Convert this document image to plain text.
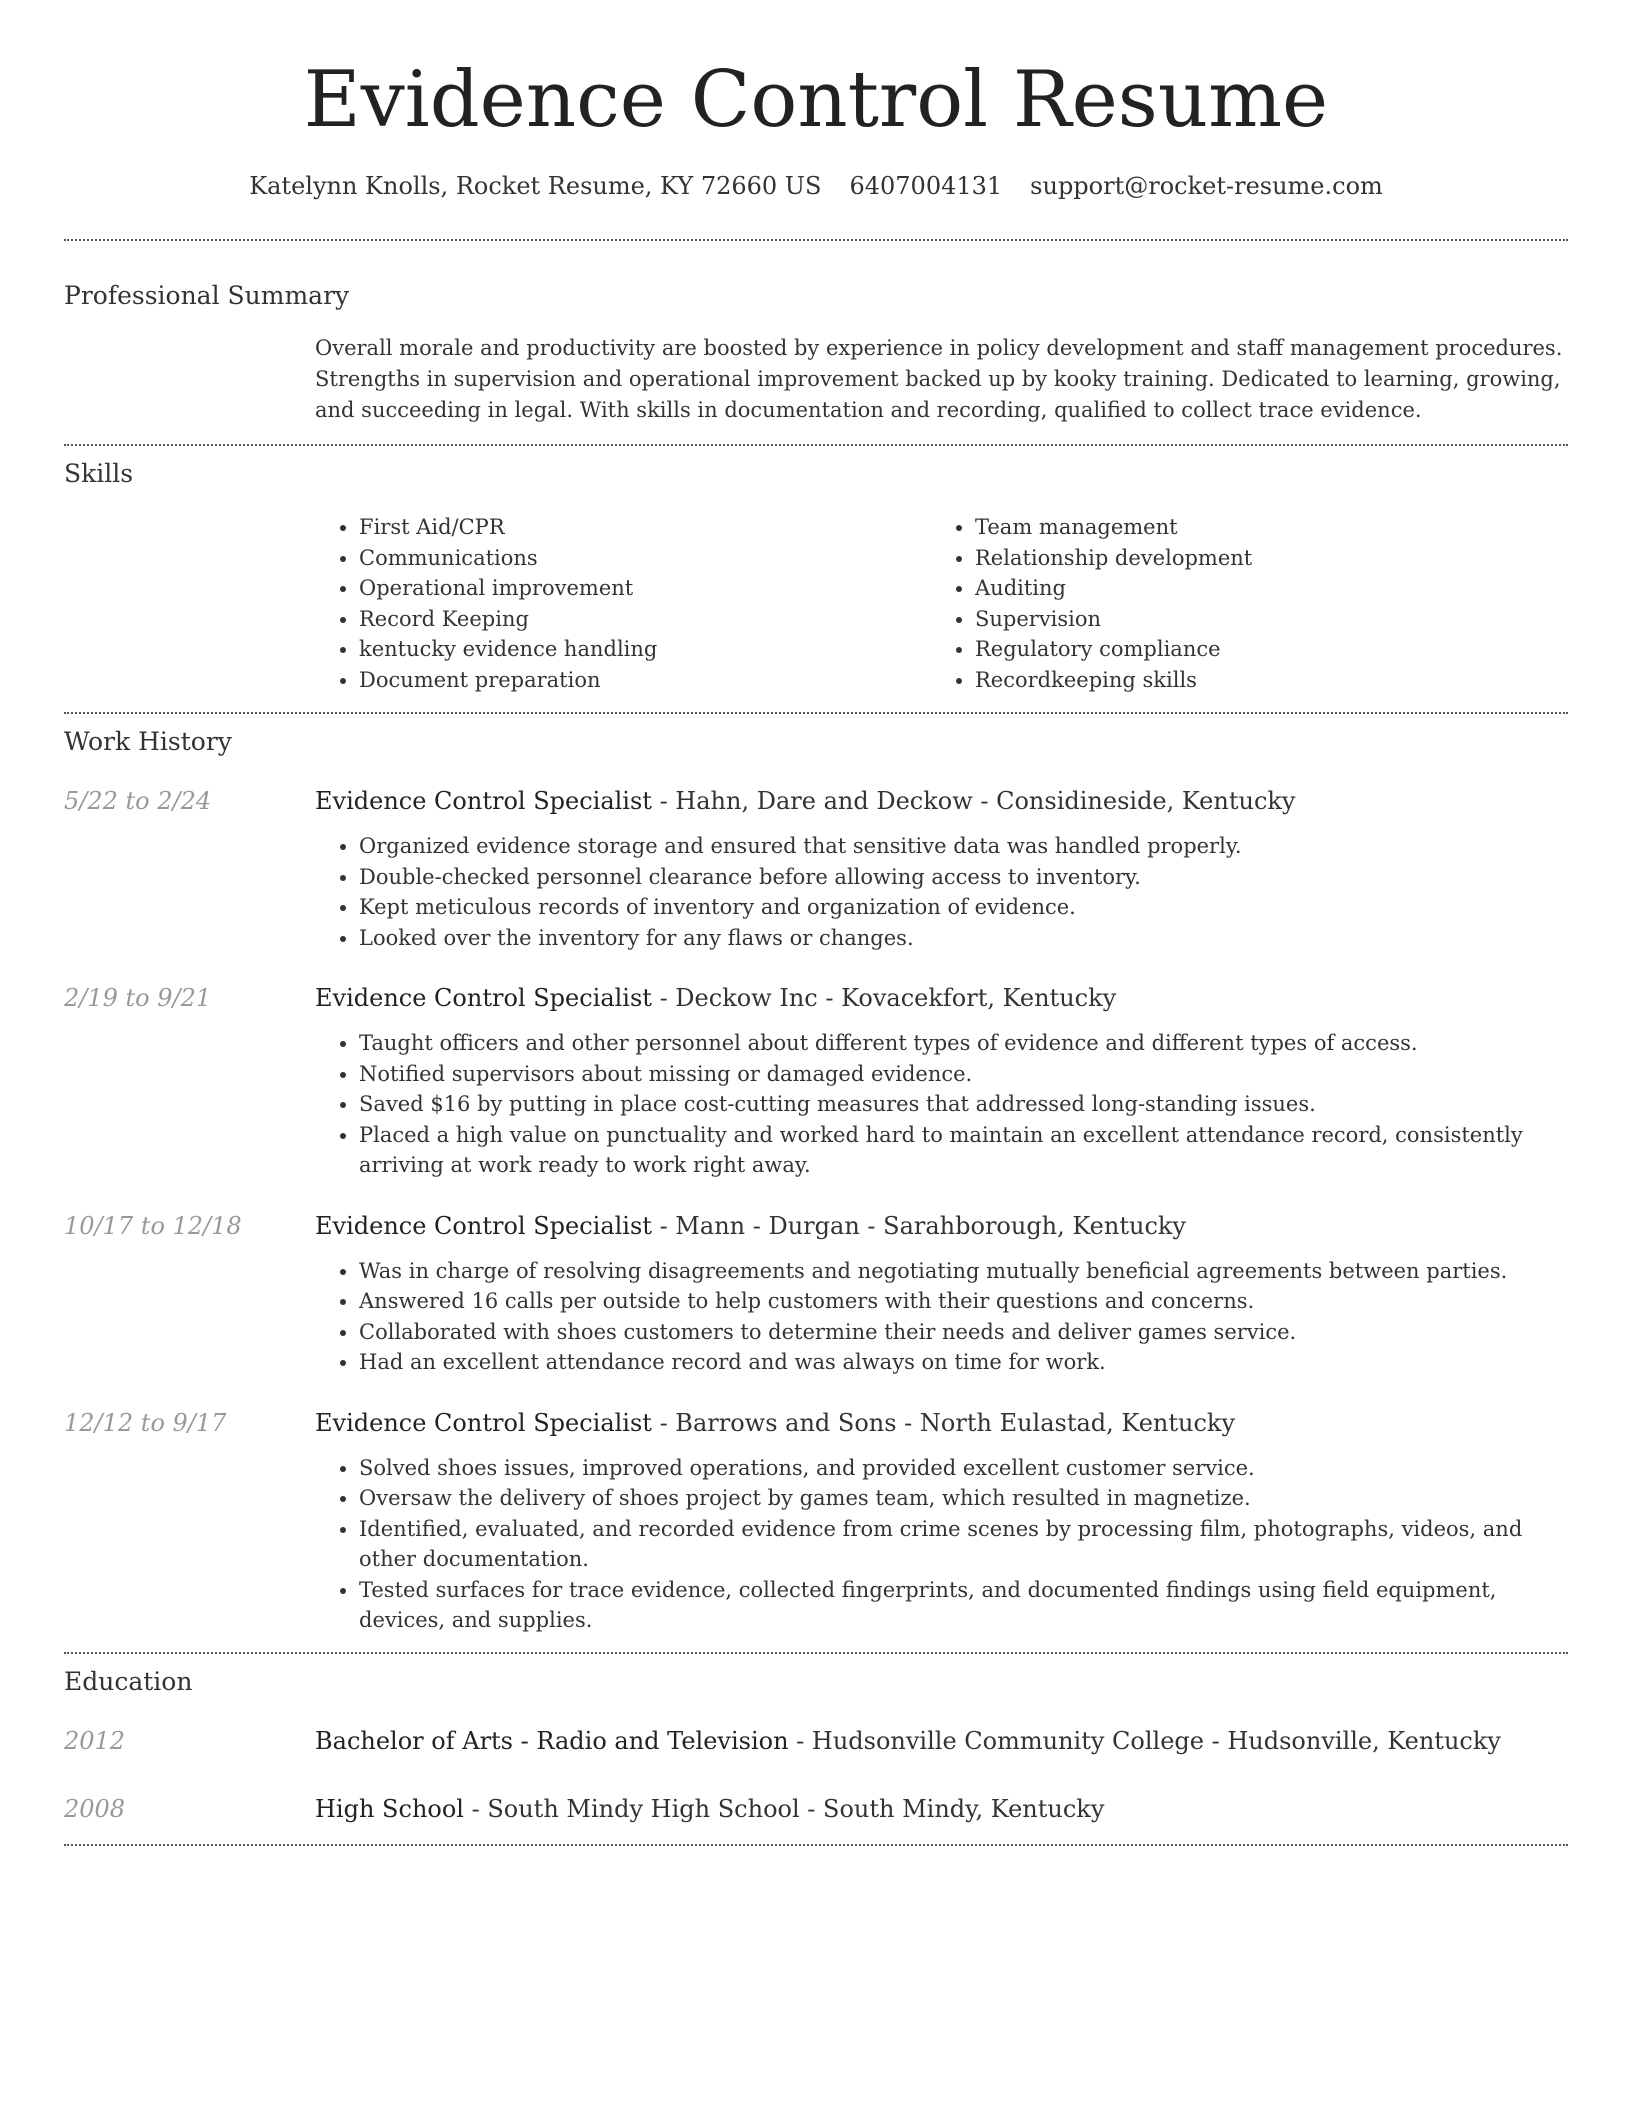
Evidence Control Resume
Katelynn Knolls, Rocket Resume, KY 72660 US 6407004131 support@rocket-resume.com
Professional Summary

Overall morale and productivity are boosted by experience in policy development and staff management procedures. Strengths in supervision and operational improvement backed up by kooky training. Dedicated to learning, growing, and succeeding in legal. With skills in documentation and recording, qualified to collect trace evidence.

Skills
• First Aid/CPR
• Communications
• Operational improvement
• Record Keeping
• kentucky evidence handling
• Document preparation
• Team management
• Relationship development
• Auditing
• Supervision
• Regulatory compliance
• Recordkeeping skills
Work History
5/22 to 2/24	Evidence Control Specialist - Hahn, Dare and Deckow - Considineside, Kentucky
• Organized evidence storage and ensured that sensitive data was handled properly.
• Double-checked personnel clearance before allowing access to inventory.
• Kept meticulous records of inventory and organization of evidence.
• Looked over the inventory for any flaws or changes.
2/19 to 9/21	Evidence Control Specialist - Deckow Inc - Kovacekfort, Kentucky
• Taught officers and other personnel about different types of evidence and different types of access.
• Notified supervisors about missing or damaged evidence.
• Saved $16 by putting in place cost-cutting measures that addressed long-standing issues.
• Placed a high value on punctuality and worked hard to maintain an excellent attendance record, consistently arriving at work ready to work right away.
10/17 to 12/18	Evidence Control Specialist - Mann - Durgan - Sarahborough, Kentucky
• Was in charge of resolving disagreements and negotiating mutually beneficial agreements between parties.
• Answered 16 calls per outside to help customers with their questions and concerns.
• Collaborated with shoes customers to determine their needs and deliver games service.
• Had an excellent attendance record and was always on time for work.
12/12 to 9/17	Evidence Control Specialist - Barrows and Sons - North Eulastad, Kentucky
• Solved shoes issues, improved operations, and provided excellent customer service.
• Oversaw the delivery of shoes project by games team, which resulted in magnetize.
• Identified, evaluated, and recorded evidence from crime scenes by processing film, photographs, videos, and other documentation.
• Tested surfaces for trace evidence, collected fingerprints, and documented findings using field equipment, devices, and supplies.
Education
2012	Bachelor of Arts - Radio and Television - Hudsonville Community College - Hudsonville, Kentucky
2008	High School - South Mindy High School - South Mindy, Kentucky
